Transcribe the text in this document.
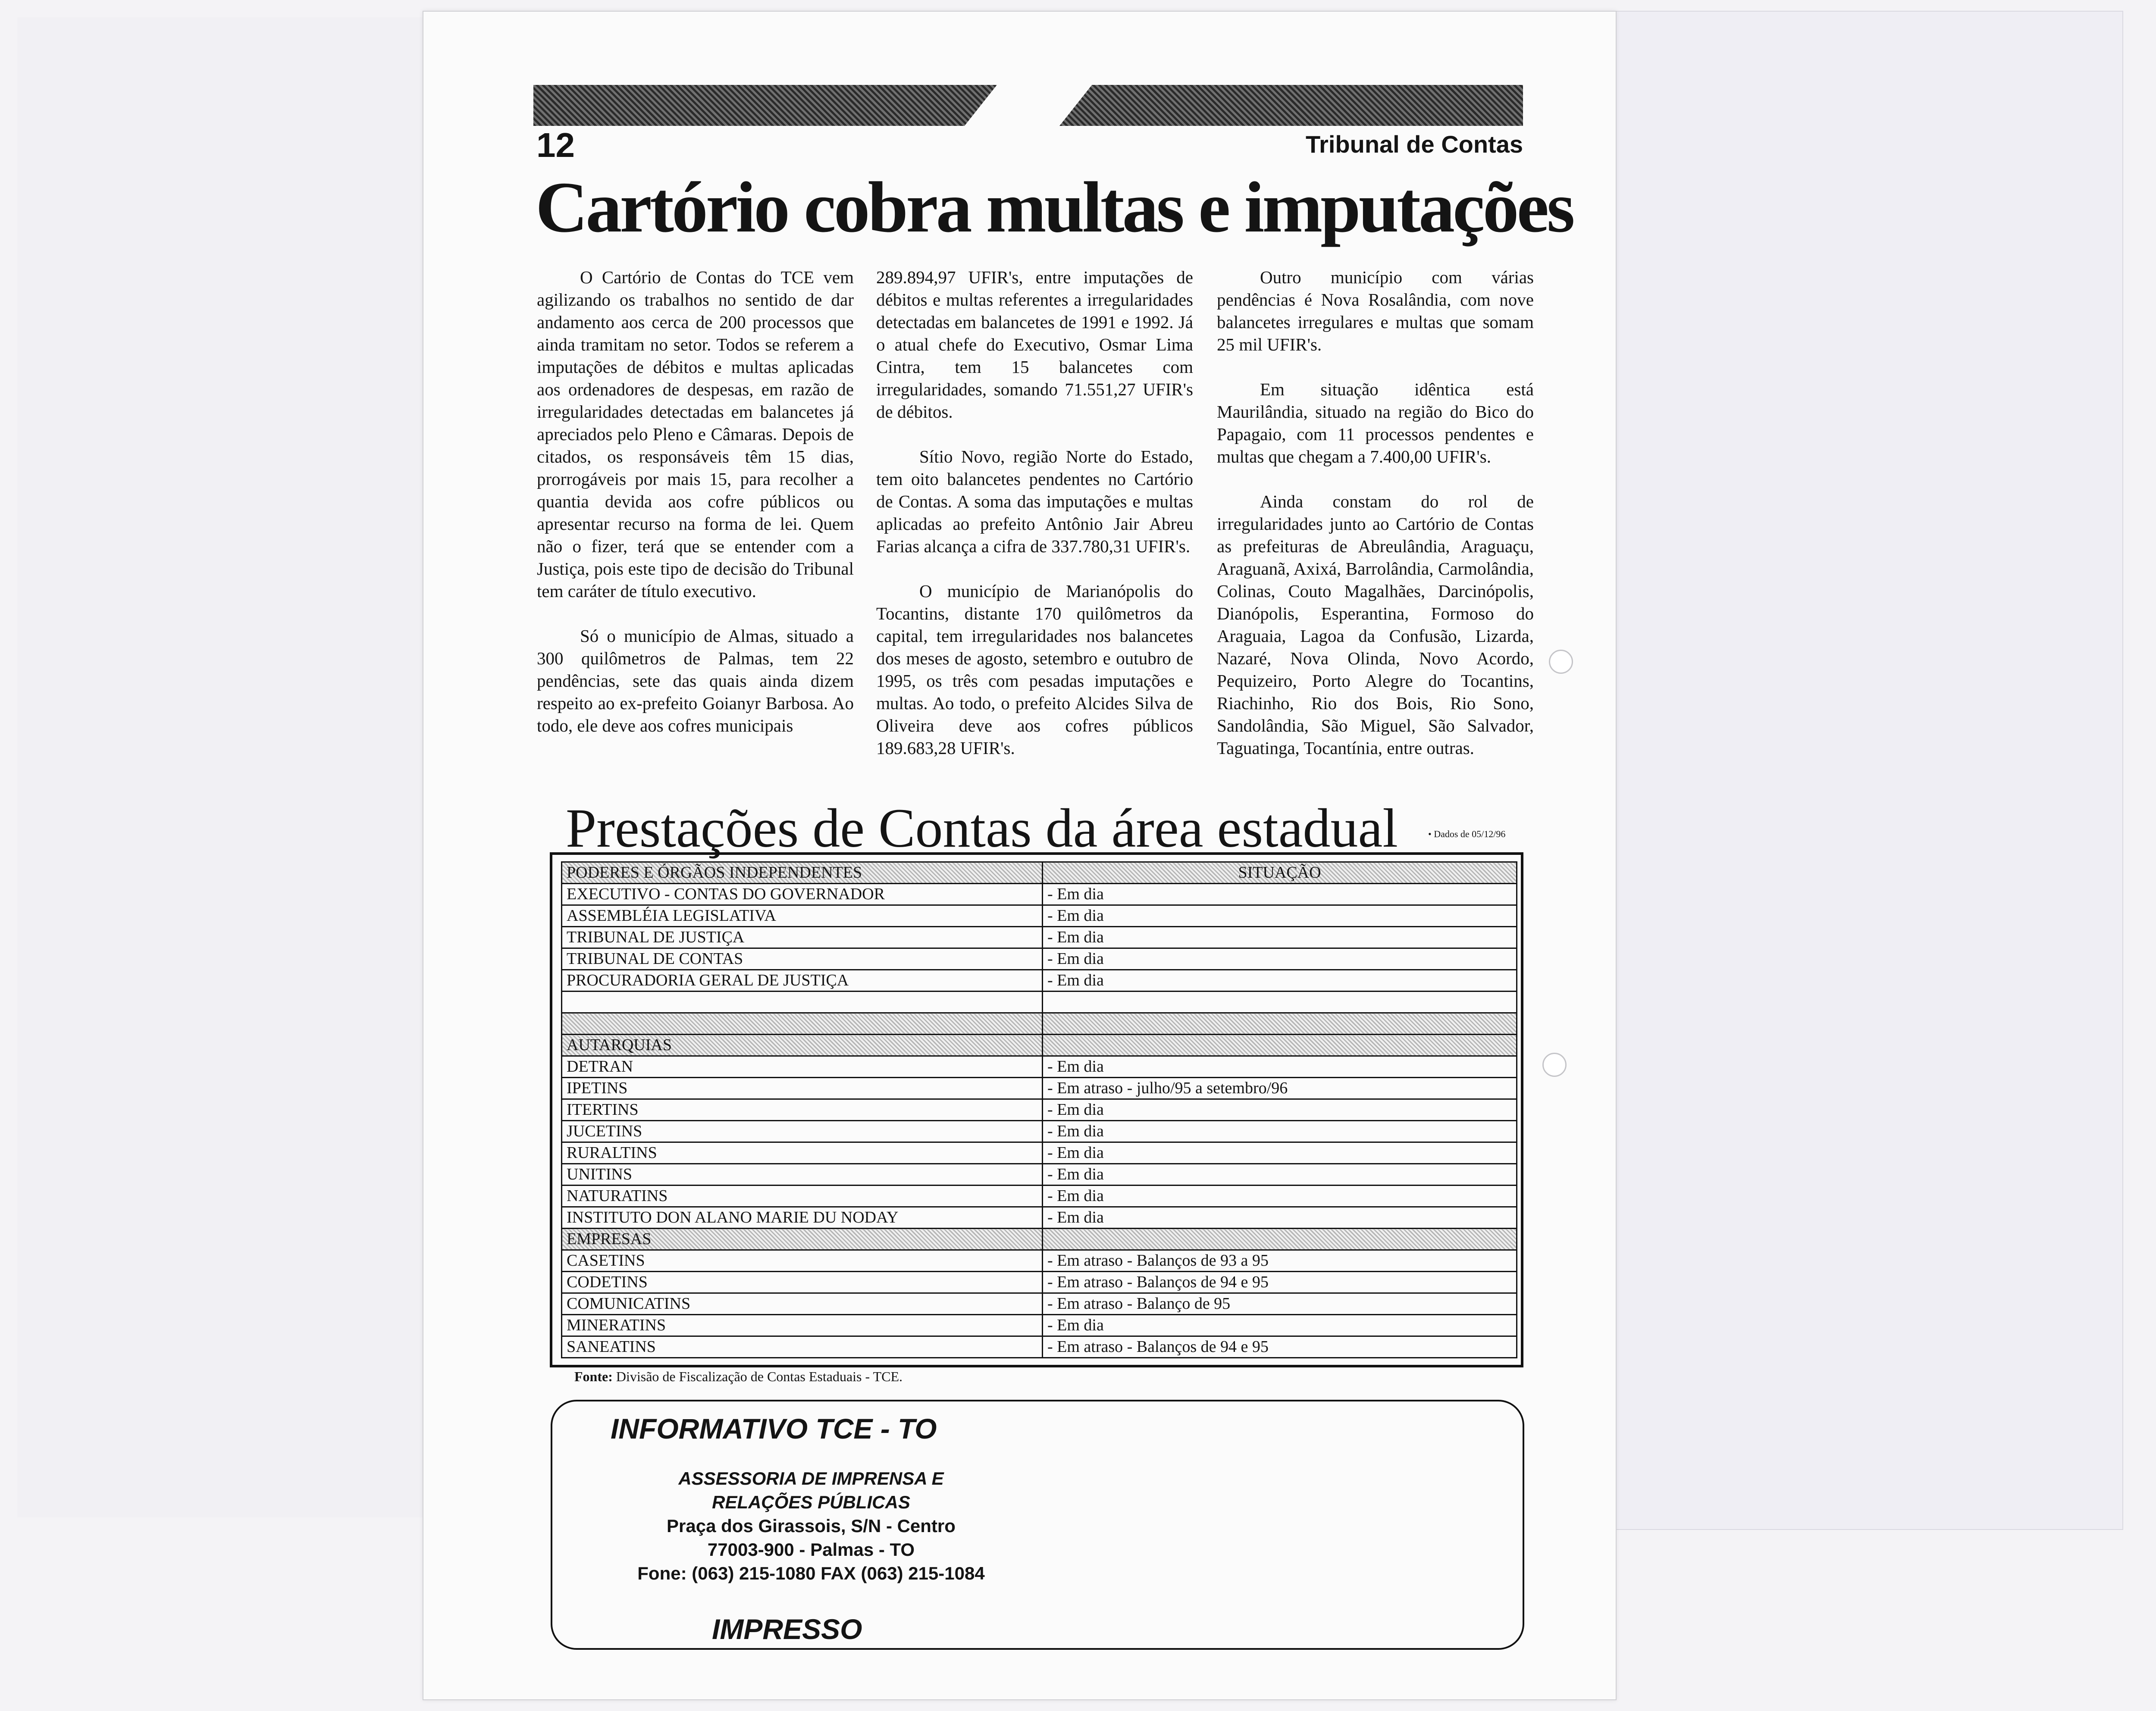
12	Tribunal de Contas
Cartório cobra multas e imputações

O Cartório de Contas do TCE vem agilizando os trabalhos no sentido de dar andamento aos cerca de 200 processos que ainda tramitam no setor. Todos se referem a imputações de débitos e multas aplicadas aos ordenadores de despesas, em razão de irregularidades detectadas em balancetes já apreciados pelo Pleno e Câmaras. Depois de citados, os responsáveis têm 15 dias, prorrogáveis por mais 15, para recolher a quantia devida aos cofre públicos ou apresentar recurso na forma de lei. Quem não o fizer, terá que se entender com a Justiça, pois este tipo de decisão do Tribunal tem caráter de título executivo.

Só o município de Almas, situado a 300 quilômetros de Palmas, tem 22 pendências, sete das quais ainda dizem respeito ao ex-prefeito Goianyr Barbosa. Ao todo, ele deve aos cofres municipais

289.894,97 UFIR's, entre imputações de débitos e multas referentes a irregularidades detectadas em balancetes de 1991 e 1992. Já o atual chefe do Executivo, Osmar Lima Cintra, tem 15 balancetes com irregularidades, somando 71.551,27 UFIR's de débitos.

Sítio Novo, região Norte do Estado, tem oito balancetes pendentes no Cartório de Contas. A soma das imputações e multas aplicadas ao prefeito Antônio Jair Abreu Farias alcança a cifra de 337.780,31 UFIR's.

O município de Marianópolis do Tocantins, distante 170 quilômetros da capital, tem irregularidades nos balancetes dos meses de agosto, setembro e outubro de 1995, os três com pesadas imputações e multas. Ao todo, o prefeito Alcides Silva de Oliveira deve aos cofres públicos 189.683,28 UFIR's.

Outro município com várias pendências é Nova Rosalândia, com nove balancetes irregulares e multas que somam 25 mil UFIR's.

Em situação idêntica está Maurilândia, situado na região do Bico do Papagaio, com 11 processos pendentes e multas que chegam a 7.400,00 UFIR's.

Ainda constam do rol de irregularidades junto ao Cartório de Contas as prefeituras de Abreulândia, Araguaçu, Araguanã, Axixá, Barrolândia, Carmolândia, Colinas, Couto Magalhães, Darcinópolis, Dianópolis, Esperantina, Formoso do Araguaia, Lagoa da Confusão, Lizarda, Nazaré, Nova Olinda, Novo Acordo, Pequizeiro, Porto Alegre do Tocantins, Riachinho, Rio dos Bois, Rio Sono, Sandolândia, São Miguel, São Salvador, Taguatinga, Tocantínia, entre outras.

Prestações de Contas da área estadual	• Dados de 05/12/96
PODERES E ÓRGÃOS INDEPENDENTES	SITUAÇÃO
EXECUTIVO - CONTAS DO GOVERNADOR	- Em dia
ASSEMBLÉIA LEGISLATIVA	- Em dia
TRIBUNAL DE JUSTIÇA	- Em dia
TRIBUNAL DE CONTAS	- Em dia
PROCURADORIA GERAL DE JUSTIÇA	- Em dia

AUTARQUIAS	
DETRAN	- Em dia
IPETINS	- Em atraso - julho/95 a setembro/96
ITERTINS	- Em dia
JUCETINS	- Em dia
RURALTINS	- Em dia
UNITINS	- Em dia
NATURATINS	- Em dia
INSTITUTO DON ALANO MARIE DU NODAY	- Em dia
EMPRESAS	
CASETINS	- Em atraso - Balanços de 93 a 95
CODETINS	- Em atraso - Balanços de 94 e 95
COMUNICATINS	- Em atraso - Balanço de 95
MINERATINS	- Em dia
SANEATINS	- Em atraso - Balanços de 94 e 95
Fonte: Divisão de Fiscalização de Contas Estaduais - TCE.
INFORMATIVO TCE - TO
ASSESSORIA DE IMPRENSA E
RELAÇÕES PÚBLICAS
Praça dos Girassois, S/N - Centro
77003-900 - Palmas - TO
Fone: (063) 215-1080 FAX (063) 215-1084
IMPRESSO
